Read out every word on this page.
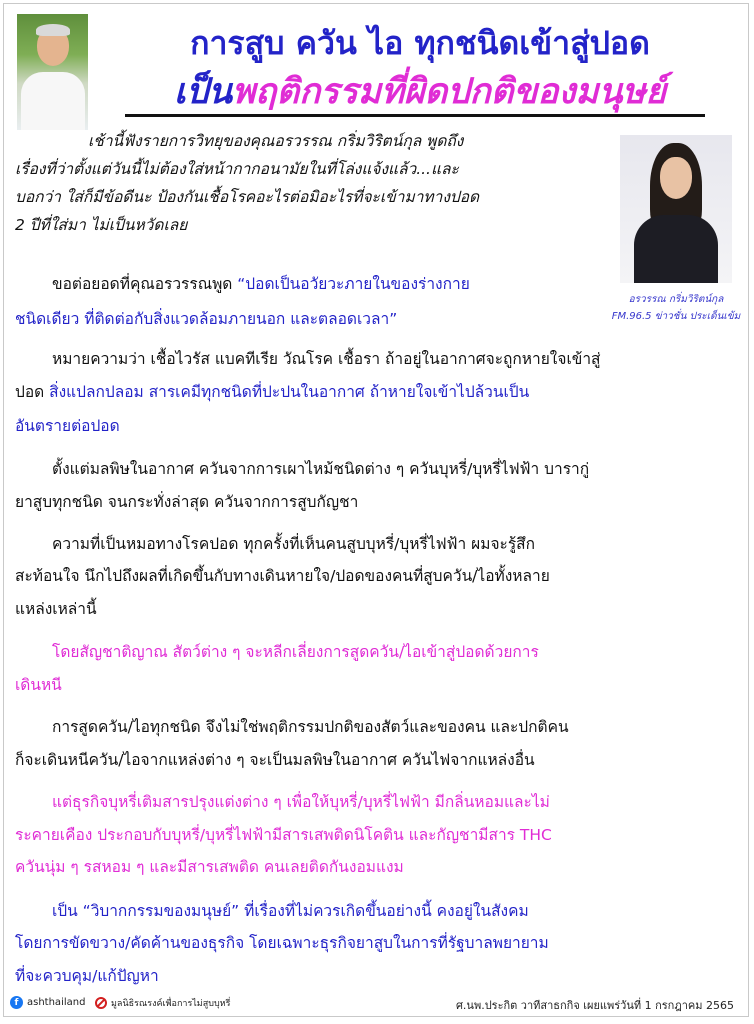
การสูบ ควัน ไอ ทุกชนิดเข้าสู่ปอด
เป็นพฤติกรรมที่ผิดปกติของมนุษย์
อรวรรณ กริ่มวิริตน์กุล
FM.96.5 ข่าวชั่น ประเด็นเข้ม

เช้านี้ฟังรายการวิทยุของคุณอรวรรณ กริ่มวิริตน์กุล พูดถึง

เรื่องที่ว่าตั้งแต่วันนี้ไม่ต้องใส่หน้ากากอนามัยในที่โล่งแจ้งแล้ว...และ

บอกว่า ใส่ก็มีข้อดีนะ ป้องกันเชื้อโรคอะไรต่อมิอะไรที่จะเข้ามาทางปอด

2 ปีที่ใส่มา ไม่เป็นหวัดเลย

ขอต่อยอดที่คุณอรวรรณพูด “ปอดเป็นอวัยวะภายในของร่างกาย

ชนิดเดียว ที่ติดต่อกับสิ่งแวดล้อมภายนอก และตลอดเวลา”

หมายความว่า เชื้อไวรัส แบคทีเรีย วัณโรค เชื้อรา ถ้าอยู่ในอากาศจะถูกหายใจเข้าสู่

ปอด สิ่งแปลกปลอม สารเคมีทุกชนิดที่ปะปนในอากาศ ถ้าหายใจเข้าไปล้วนเป็น

อันตรายต่อปอด

ตั้งแต่มลพิษในอากาศ ควันจากการเผาไหม้ชนิดต่าง ๆ ควันบุหรี่/บุหรี่ไฟฟ้า บารากู่

ยาสูบทุกชนิด จนกระทั่งล่าสุด ควันจากการสูบกัญชา

ความที่เป็นหมอทางโรคปอด ทุกครั้งที่เห็นคนสูบบุหรี่/บุหรี่ไฟฟ้า ผมจะรู้สึก

สะท้อนใจ นึกไปถึงผลที่เกิดขึ้นกับทางเดินหายใจ/ปอดของคนที่สูบควัน/ไอทั้งหลาย

แหล่งเหล่านี้

โดยสัญชาติญาณ สัตว์ต่าง ๆ จะหลีกเลี่ยงการสูดควัน/ไอเข้าสู่ปอดด้วยการ

เดินหนี

การสูดควัน/ไอทุกชนิด จึงไม่ใช่พฤติกรรมปกติของสัตว์และของคน และปกติคน

ก็จะเดินหนีควัน/ไอจากแหล่งต่าง ๆ จะเป็นมลพิษในอากาศ ควันไฟจากแหล่งอื่น

แต่ธุรกิจบุหรี่เติมสารปรุงแต่งต่าง ๆ เพื่อให้บุหรี่/บุหรี่ไฟฟ้า มีกลิ่นหอมและไม่

ระคายเคือง ประกอบกับบุหรี่/บุหรี่ไฟฟ้ามีสารเสพติดนิโคติน และกัญชามีสาร THC

ควันนุ่ม ๆ รสหอม ๆ และมีสารเสพติด คนเลยติดกันงอมแงม

เป็น “วิบากกรรมของมนุษย์” ที่เรื่องที่ไม่ควรเกิดขึ้นอย่างนี้ คงอยู่ในสังคม

โดยการขัดขวาง/คัดค้านของธุรกิจ โดยเฉพาะธุรกิจยาสูบในการที่รัฐบาลพยายาม

ที่จะควบคุม/แก้ปัญหา

f ashthailand	มูลนิธิรณรงค์เพื่อการไม่สูบบุหรี่	ศ.นพ.ประกิต วาทีสาธกกิจ เผยแพร่วันที่ 1 กรกฎาคม 2565
